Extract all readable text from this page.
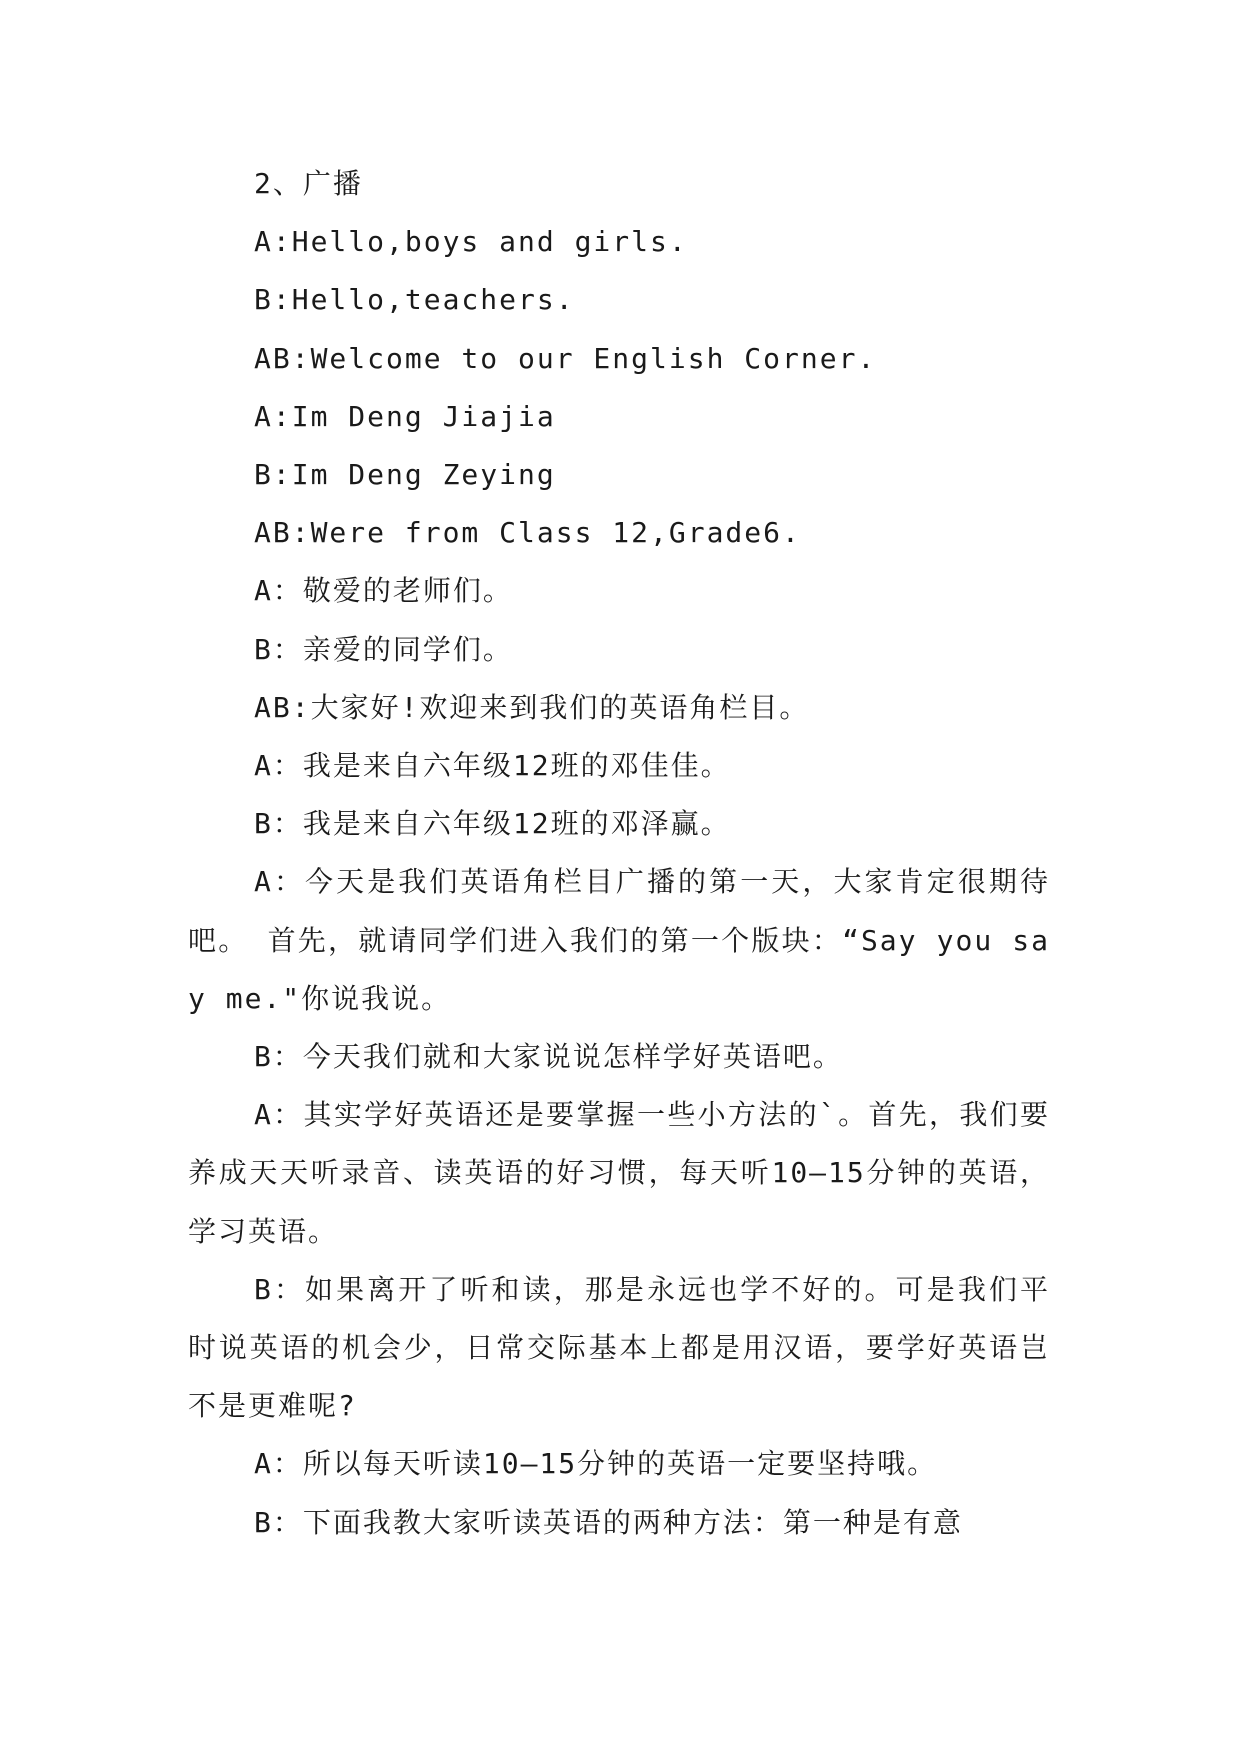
2、广播

A:Hello,boys and girls.

B:Hello,teachers.

AB:Welcome to our English Corner.

A:Im Deng Jiajia

B:Im Deng Zeying

AB:Were from Class 12,Grade6.

A：敬爱的老师们。

B：亲爱的同学们。

AB:大家好!欢迎来到我们的英语角栏目。

A：我是来自六年级12班的邓佳佳。

B：我是来自六年级12班的邓泽赢。

A：今天是我们英语角栏目广播的第一天，大家肯定很期待吧。 首先，就请同学们进入我们的第一个版块：“Say you say me."你说我说。

B：今天我们就和大家说说怎样学好英语吧。

A：其实学好英语还是要掌握一些小方法的`。首先，我们要养成天天听录音、读英语的好习惯，每天听10—15分钟的英语，学习英语。

B：如果离开了听和读，那是永远也学不好的。可是我们平时说英语的机会少，日常交际基本上都是用汉语，要学好英语岂不是更难呢?

A：所以每天听读10—15分钟的英语一定要坚持哦。

B：下面我教大家听读英语的两种方法：第一种是有意
